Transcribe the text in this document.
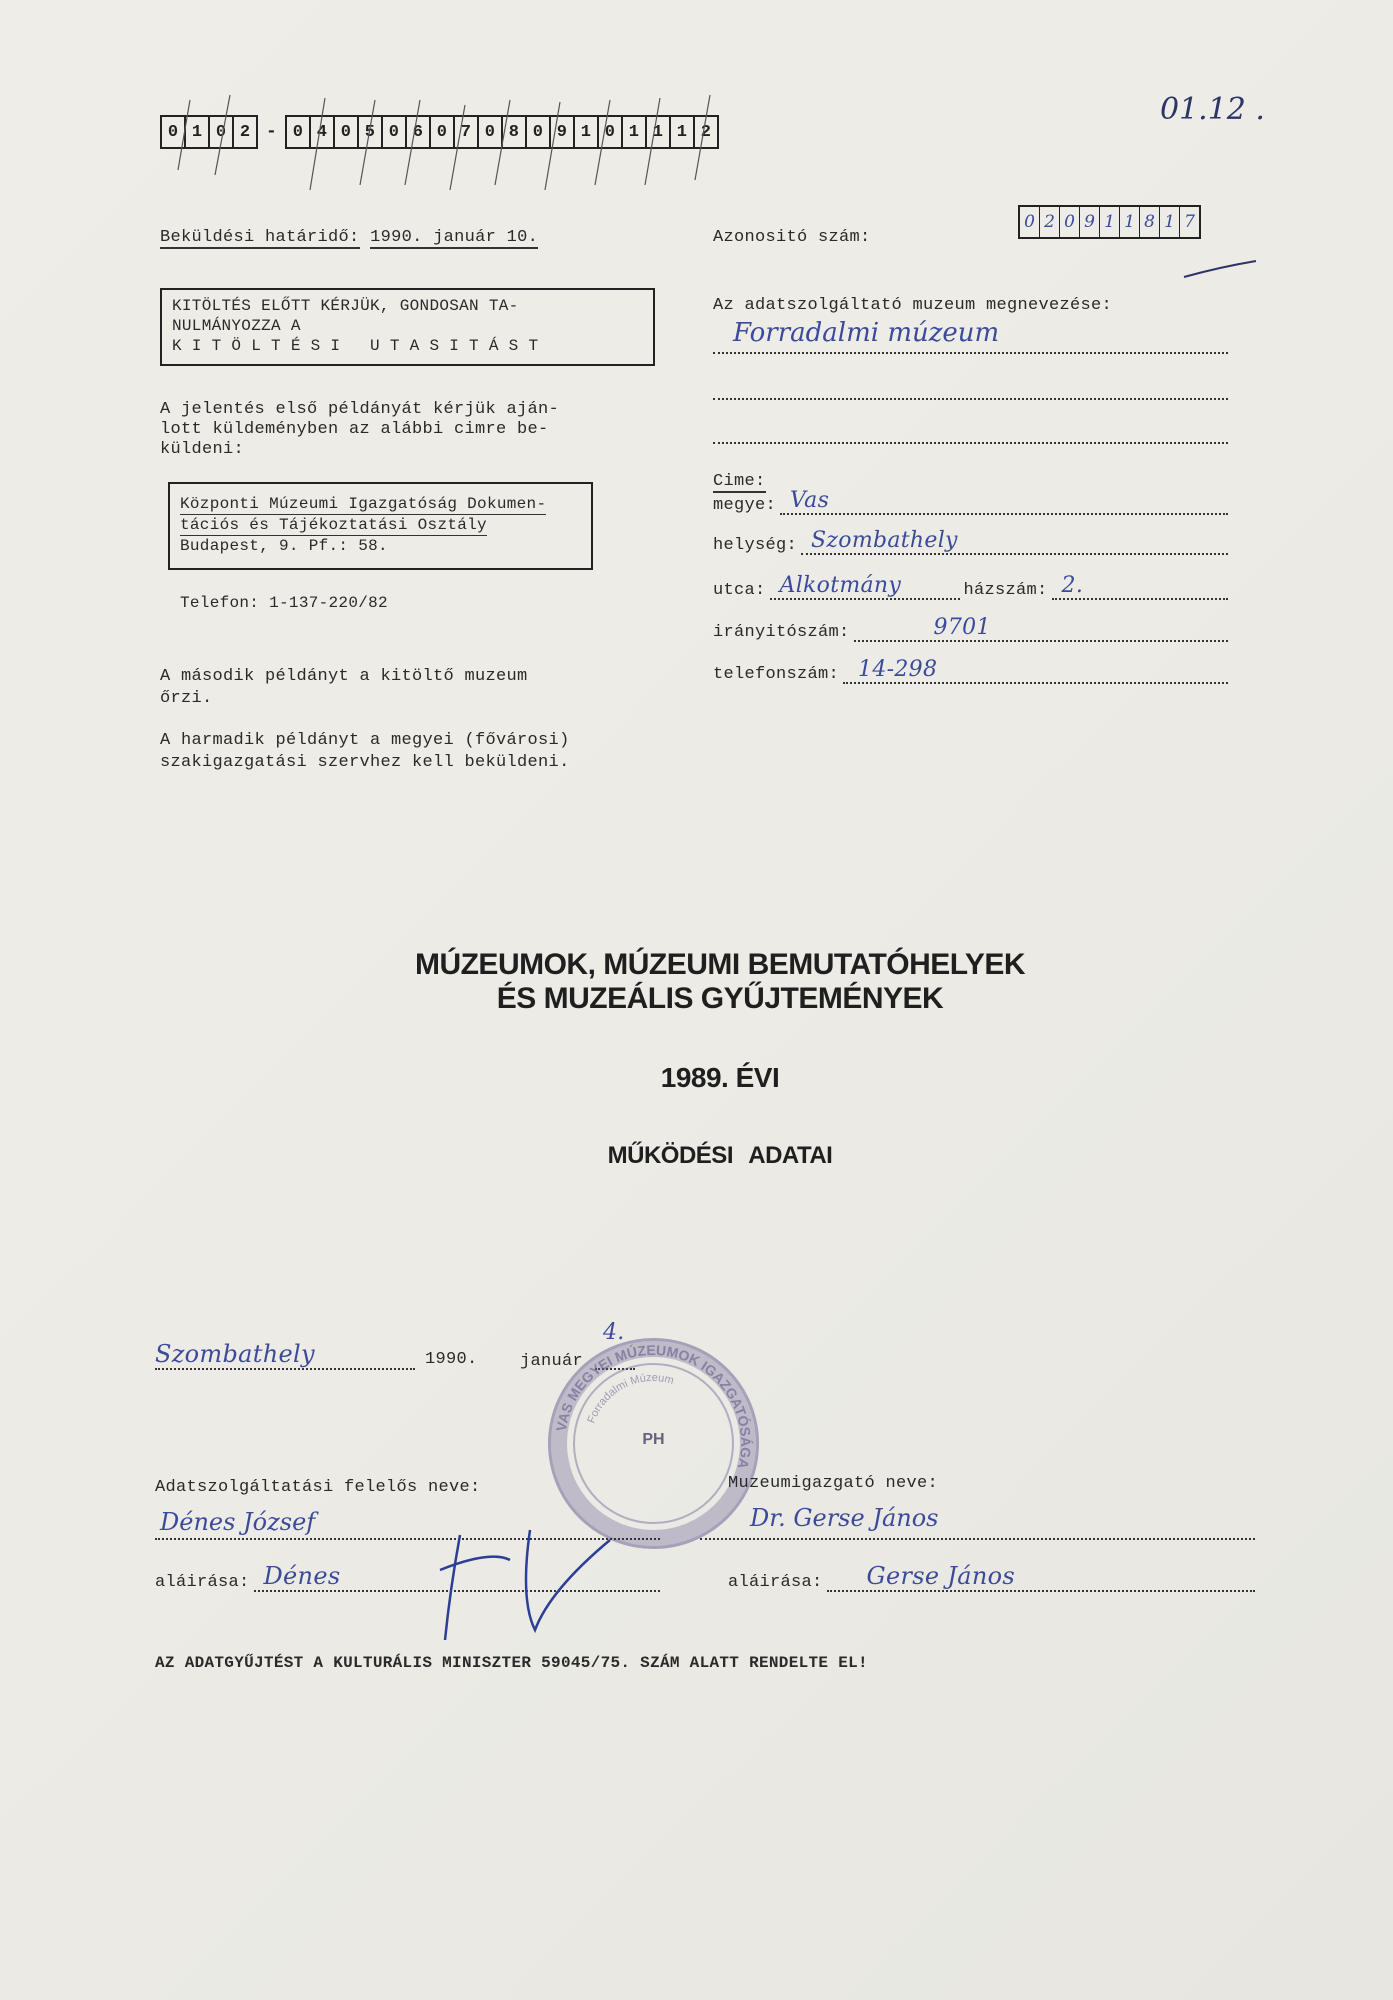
0 1 0 2 - 0 4 0 5 0 6 0 7 0 8 0 9 1 0 1 1 1 2
01.12 .
Beküldési határidő: 1990. január 10.	Azonositó szám:
0 2 0 9 1 1 8 1 7
KITÖLTÉS ELŐTT KÉRJÜK, GONDOSAN TA-
NULMÁNYOZZA A
K I T Ö L T É S I   U T A S I T Á S T
Az adatszolgáltató muzeum megnevezése:
Forradalmi múzeum
A jelentés első példányát kérjük aján-
lott küldeményben az alábbi cimre be-
küldeni:
Központi Múzeumi Igazgatóság Dokumen- tációs és Tájékoztatási Osztály
Budapest, 9. Pf.: 58.
Telefon: 1-137-220/82
Cime:
megye: Vas
helység: Szombathely
utca: Alkotmány	házszám: 2.
irányitószám:	9701
telefonszám: 14-298
A második példányt a kitöltő muzeum
őrzi.
A harmadik példányt a megyei (fővárosi)
szakigazgatási szervhez kell beküldeni.
MÚZEUMOK, MÚZEUMI BEMUTATÓHELYEK
ÉS MUZEÁLIS GYŰJTEMÉNYEK
1989. ÉVI
MŰKÖDÉSI ADATAI
Szombathely	1990. január
4.
PH
VAS MEGYEI MÚZEUMOK IGAZGATÓSÁGA
Forradalmi Múzeum
Adatszolgáltatási felelős neve:	Muzeumigazgató neve:
Dénes József	Dr. Gerse János
aláirása: Dénes	aláirása: Gerse János
AZ ADATGYŰJTÉST A KULTURÁLIS MINISZTER 59045/75. SZÁM ALATT RENDELTE EL!
